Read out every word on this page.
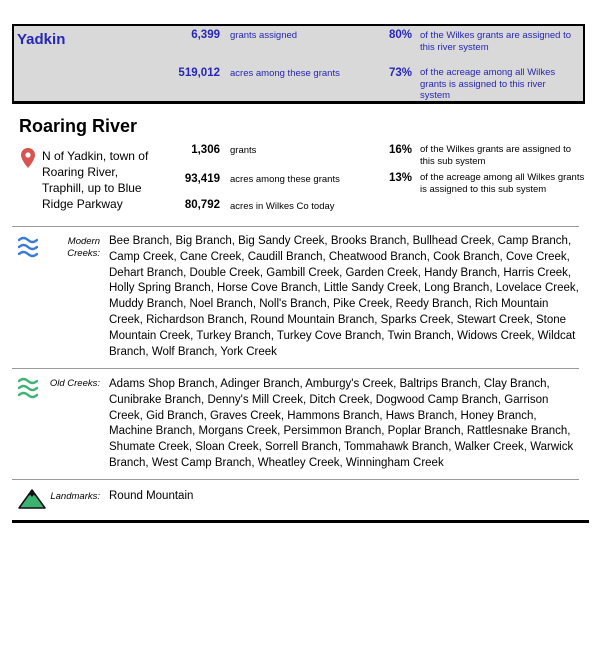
Yadkin	6,399 grants assigned	80% of the Wilkes grants are assigned to this river system
519,012 acres among these grants	73% of the acreage among all Wilkes grants is assigned to this river system
Roaring River
N of Yadkin, town of Roaring River, Traphill, up to Blue Ridge Parkway
1,306 grants	16% of the Wilkes grants are assigned to this sub system
93,419 acres among these grants	13% of the acreage among all Wilkes grants is assigned to this sub system
80,792 acres in Wilkes Co today
Modern Creeks:
Bee Branch, Big Branch, Big Sandy Creek, Brooks Branch, Bullhead Creek, Camp Branch, Camp Creek, Cane Creek, Caudill Branch, Cheatwood Branch, Cook Branch, Cove Creek, Dehart Branch, Double Creek, Gambill Creek, Garden Creek, Handy Branch, Harris Creek, Holly Spring Branch, Horse Cove Branch, Little Sandy Creek, Long Branch, Lovelace Creek, Muddy Branch, Noel Branch, Noll's Branch, Pike Creek, Reedy Branch, Rich Mountain Creek, Richardson Branch, Round Mountain Branch, Sparks Creek, Stewart Creek, Stone Mountain Creek, Turkey Branch, Turkey Cove Branch, Twin Branch, Widows Creek, Wildcat Branch, Wolf Branch, York Creek
Old Creeks: Adams Shop Branch, Adinger Branch, Amburgy's Creek, Baltrips Branch, Clay Branch, Cunibrake Branch, Denny's Mill Creek, Ditch Creek, Dogwood Camp Branch, Garrison Creek, Gid Branch, Graves Creek, Hammons Branch, Haws Branch, Honey Branch, Machine Branch, Morgans Creek, Persimmon Branch, Poplar Branch, Rattlesnake Branch, Shumate Creek, Sloan Creek, Sorrell Branch, Tommahawk Branch, Walker Creek, Warwick Branch, West Camp Branch, Wheatley Creek, Winningham Creek
Landmarks: Round Mountain
